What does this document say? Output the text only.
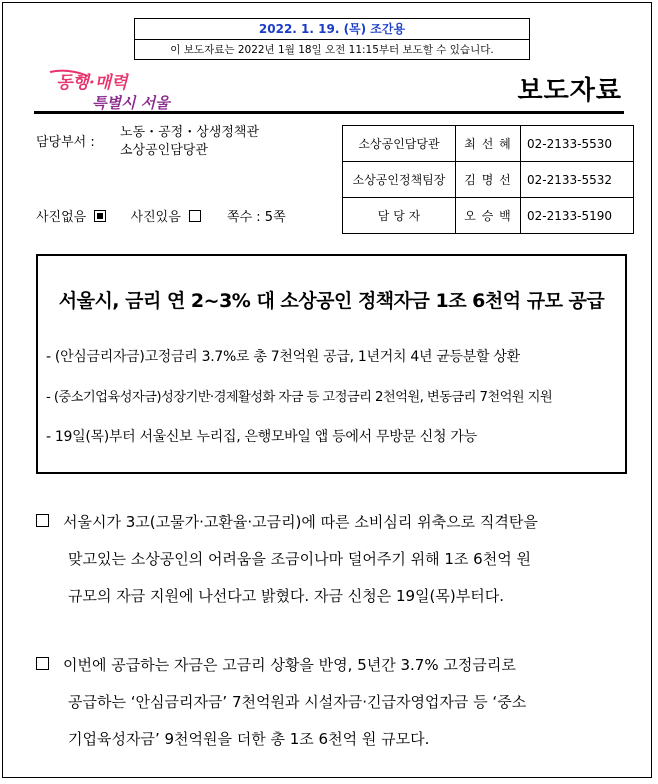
2022. 1. 19. (목) 조간용
이 보도자료는 2022년 1월 18일 오전 11:15부터 보도할 수 있습니다.
동행·매력
특별시 서울	보도자료
담당부서 :
노동・공정・상생정책관
소상공인담당관
사진없음	사진있음	쪽수 : 5쪽
소상공인담당관	최 선 혜	02-2133-5530
소상공인정책팀장	김 명 선	02-2133-5532
담 당 자	오 승 백	02-2133-5190
서울시, 금리 연 2~3% 대 소상공인 정책자금 1조 6천억 규모 공급
- (안심금리자금)고정금리 3.7%로 총 7천억원 공급, 1년거치 4년 균등분할 상환
- (중소기업육성자금)성장기반·경제활성화 자금 등 고정금리 2천억원, 변동금리 7천억원 지원
- 19일(목)부터 서울신보 누리집, 은행모바일 앱 등에서 무방문 신청 가능
서울시가 3고(고물가·고환율·고금리)에 따른 소비심리 위축으로 직격탄을
맞고있는 소상공인의 어려움을 조금이나마 덜어주기 위해 1조 6천억 원
규모의 자금 지원에 나선다고 밝혔다. 자금 신청은 19일(목)부터다.
이번에 공급하는 자금은 고금리 상황을 반영, 5년간 3.7% 고정금리로
공급하는 ‘안심금리자금’ 7천억원과 시설자금·긴급자영업자금 등 ‘중소
기업육성자금’ 9천억원을 더한 총 1조 6천억 원 규모다.
